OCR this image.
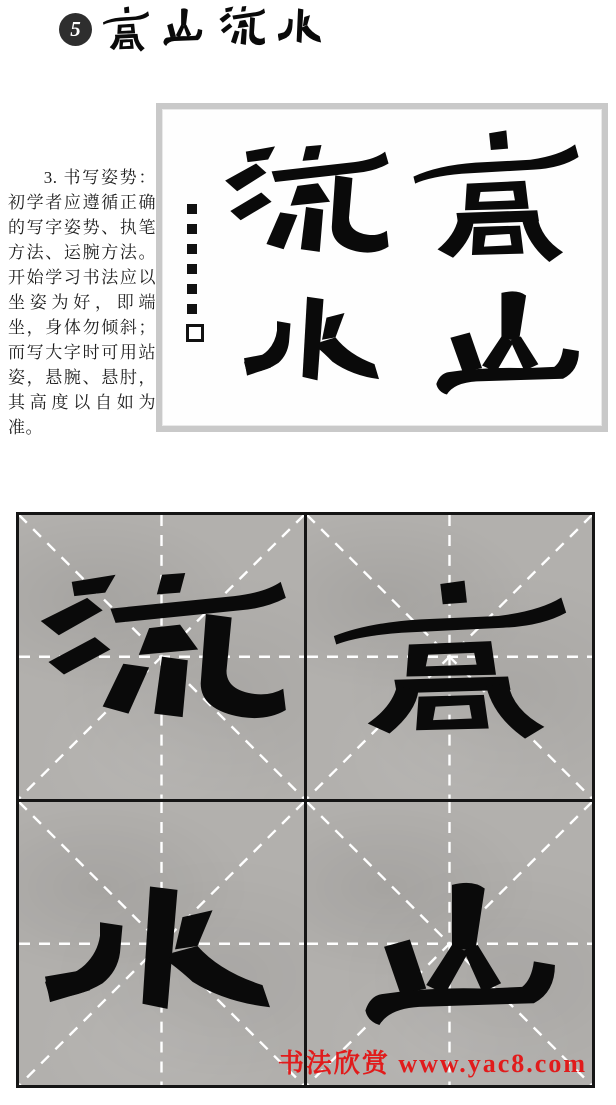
5

3. 书写姿势：初学者应遵循正确的写字姿势、执笔方法、运腕方法。开始学习书法应以坐姿为好，即端坐，身体勿倾斜；而写大字时可用站姿，悬腕、悬肘，其高度以自如为准。

书法欣赏 www.yac8.com
